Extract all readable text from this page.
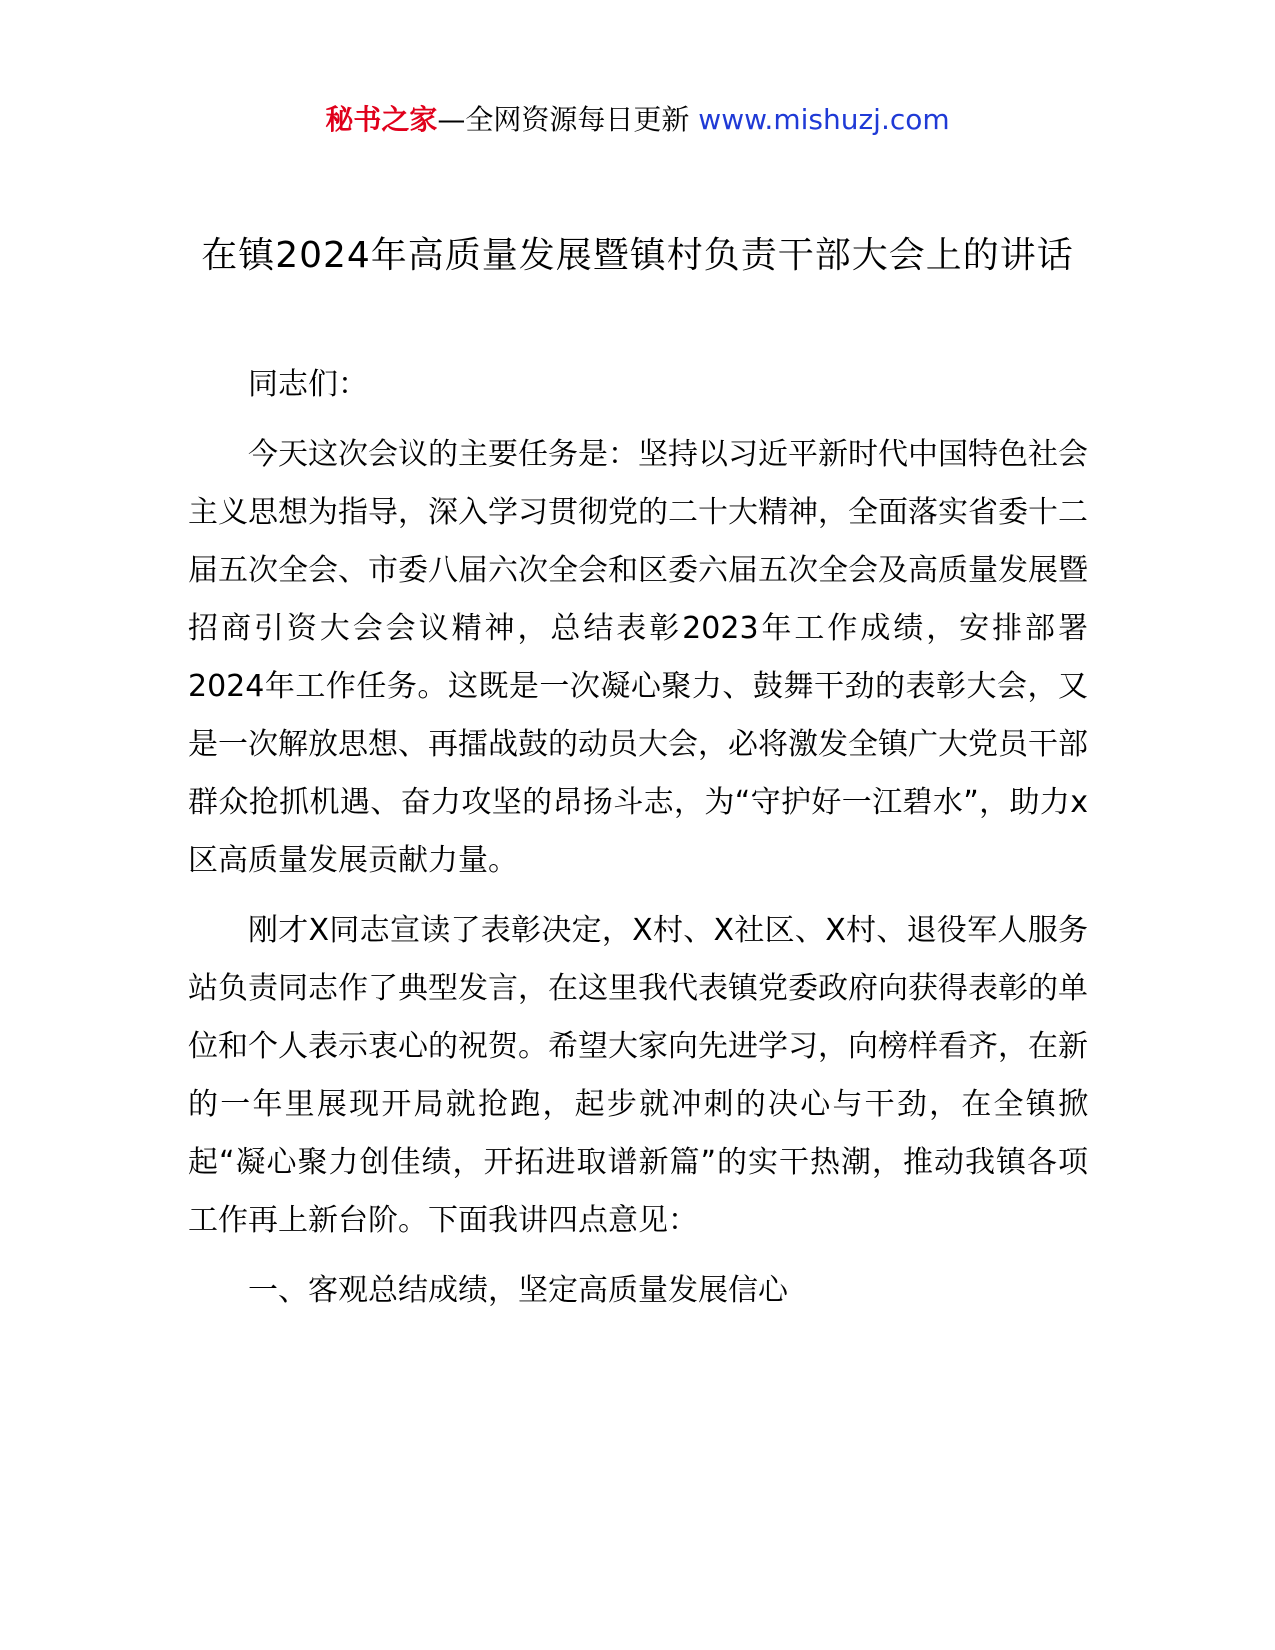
秘书之家—全网资源每日更新 www.mishuzj.com
在镇2024年高质量发展暨镇村负责干部大会上的讲话

同志们：

今天这次会议的主要任务是：坚持以习近平新时代中国特色社会主义思想为指导，深入学习贯彻党的二十大精神，全面落实省委十二届五次全会、市委八届六次全会和区委六届五次全会及高质量发展暨招商引资大会会议精神，总结表彰2023年工作成绩，安排部署2024年工作任务。这既是一次凝心聚力、鼓舞干劲的表彰大会，又是一次解放思想、再擂战鼓的动员大会，必将激发全镇广大党员干部群众抢抓机遇、奋力攻坚的昂扬斗志，为“守护好一江碧水”，助力x区高质量发展贡献力量。

刚才X同志宣读了表彰决定，X村、X社区、X村、退役军人服务站负责同志作了典型发言，在这里我代表镇党委政府向获得表彰的单位和个人表示衷心的祝贺。希望大家向先进学习，向榜样看齐，在新的一年里展现开局就抢跑，起步就冲刺的决心与干劲，在全镇掀起“凝心聚力创佳绩，开拓进取谱新篇”的实干热潮，推动我镇各项工作再上新台阶。下面我讲四点意见：

一、客观总结成绩，坚定高质量发展信心
